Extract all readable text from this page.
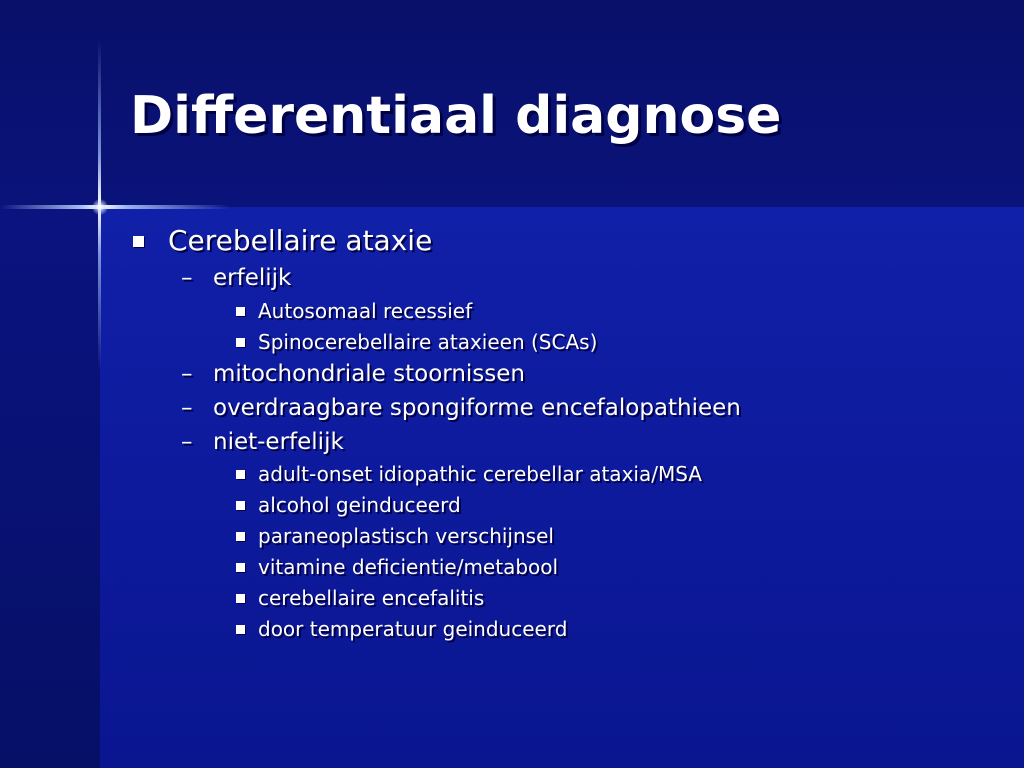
Differentiaal diagnose
Cerebellaire ataxie
– erfelijk
Autosomaal recessief
Spinocerebellaire ataxieen (SCAs)
– mitochondriale stoornissen
– overdraagbare spongiforme encefalopathieen
– niet-erfelijk
adult-onset idiopathic cerebellar ataxia/MSA
alcohol geinduceerd
paraneoplastisch verschijnsel
vitamine deficientie/metabool
cerebellaire encefalitis
door temperatuur geinduceerd
